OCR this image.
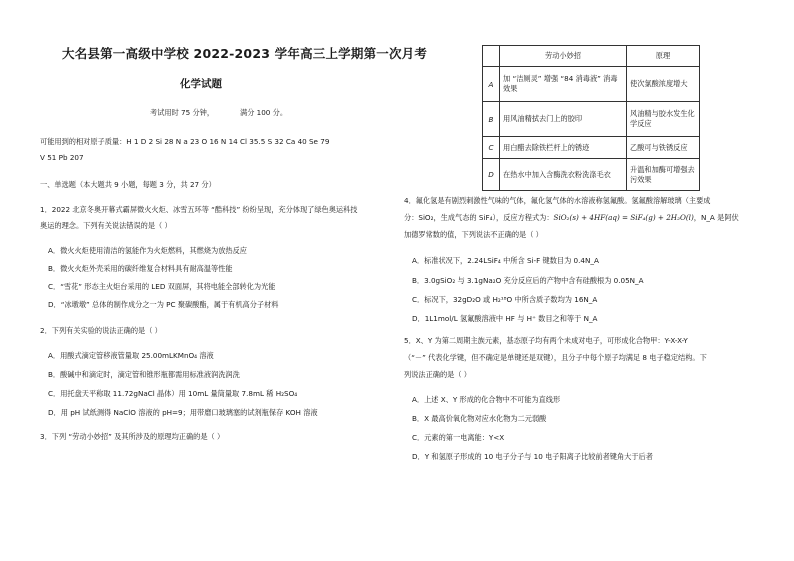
大名县第一高级中学校 2022-2023 学年高三上学期第一次月考
化学试题
考试用时 75 分钟，	满分 100 分。
可能用到的相对原子质量：H 1 D 2 Si 28 N a 23 O 16 N 14 Cl 35.5 S 32 Ca 40 Se 79
V 51 Pb 207
一、单选题（本大题共 9 小题，每题 3 分，共 27 分）
1．2022 北京冬奥开幕式霸屏微火火炬、冰雪五环等 “酷科技” 纷纷呈现，充分体现了绿色奥运科技
奥运的理念。下列有关说法错误的是（ ）
A．微火火炬使用清洁的氢能作为火炬燃料，其燃烧为放热反应
B．微火火炬外壳采用的碳纤维复合材料具有耐高温等性能
C．“雪花” 形态主火炬台采用的 LED 双面屏，其将电能全部转化为光能
D．“冰墩墩” 总体的制作成分之一为 PC 聚碳酸酯，属于有机高分子材料
2．下列有关实验的说法正确的是（ ）
A．用酸式滴定管移液管量取 25.00mLKMnO₄ 溶液
B．酸碱中和滴定时，滴定管和锥形瓶都需用标准液润洗润洗
C．用托盘天平称取 11.72gNaCl 晶体）用 10mL 量筒量取 7.8mL 稀 H₂SO₄
D．用 pH 试纸测得 NaClO 溶液的 pH=9；用带磨口玻璃塞的试剂瓶保存 KOH 溶液
3．下列 “劳动小妙招” 及其所涉及的原理均正确的是（ ）
	劳动小妙招	原理
A	加 “洁厕灵” 增强 “84 消毒液” 消毒效果	使次氯酸浓度增大
B	用风油精拭去门上的胶印	风油精与胶水发生化学反应
C	用白醋去除铁栏杆上的锈迹	乙酸可与铁锈反应
D	在热水中加入含酶洗衣粉洗涤毛衣	升温和加酶可增强去污效果
4．氟化氢是有剧烈刺激性气味的气体，氟化氢气体的水溶液称氢氟酸。氢氟酸溶解玻璃（主要成
分：SiO₂，生成气态的 SiF₄），反应方程式为：SiO₂(s) + 4HF(aq) = SiF₄(g) + 2H₂O(l)，N_A 是阿伏
加德罗常数的值，下列说法不正确的是（ ）
A．标准状况下，2.24LSiF₄ 中所含 Si-F 键数目为 0.4N_A
B．3.0gSiO₂ 与 3.1gNa₂O 充分反应后的产物中含有硅酸根为 0.05N_A
C．标况下，32gD₂O 或 H₂¹⁸O 中所含质子数均为 16N_A
D．1L1mol/L 氢氟酸溶液中 HF 与 H⁺ 数目之和等于 N_A
5．X、Y 为第二周期主族元素，基态原子均有两个未成对电子，可形成化合物甲：Y-X-X-Y
（“－” 代表化学键，但不确定是单键还是双键），且分子中每个原子均满足 8 电子稳定结构。下
列说法正确的是（ ）
A．上述 X、Y 形成的化合物中不可能为直线形
B．X 最高价氧化物对应水化物为二元弱酸
C．元素的第一电离能：Y<X
D．Y 和氢原子形成的 10 电子分子与 10 电子阳离子比较前者键角大于后者
